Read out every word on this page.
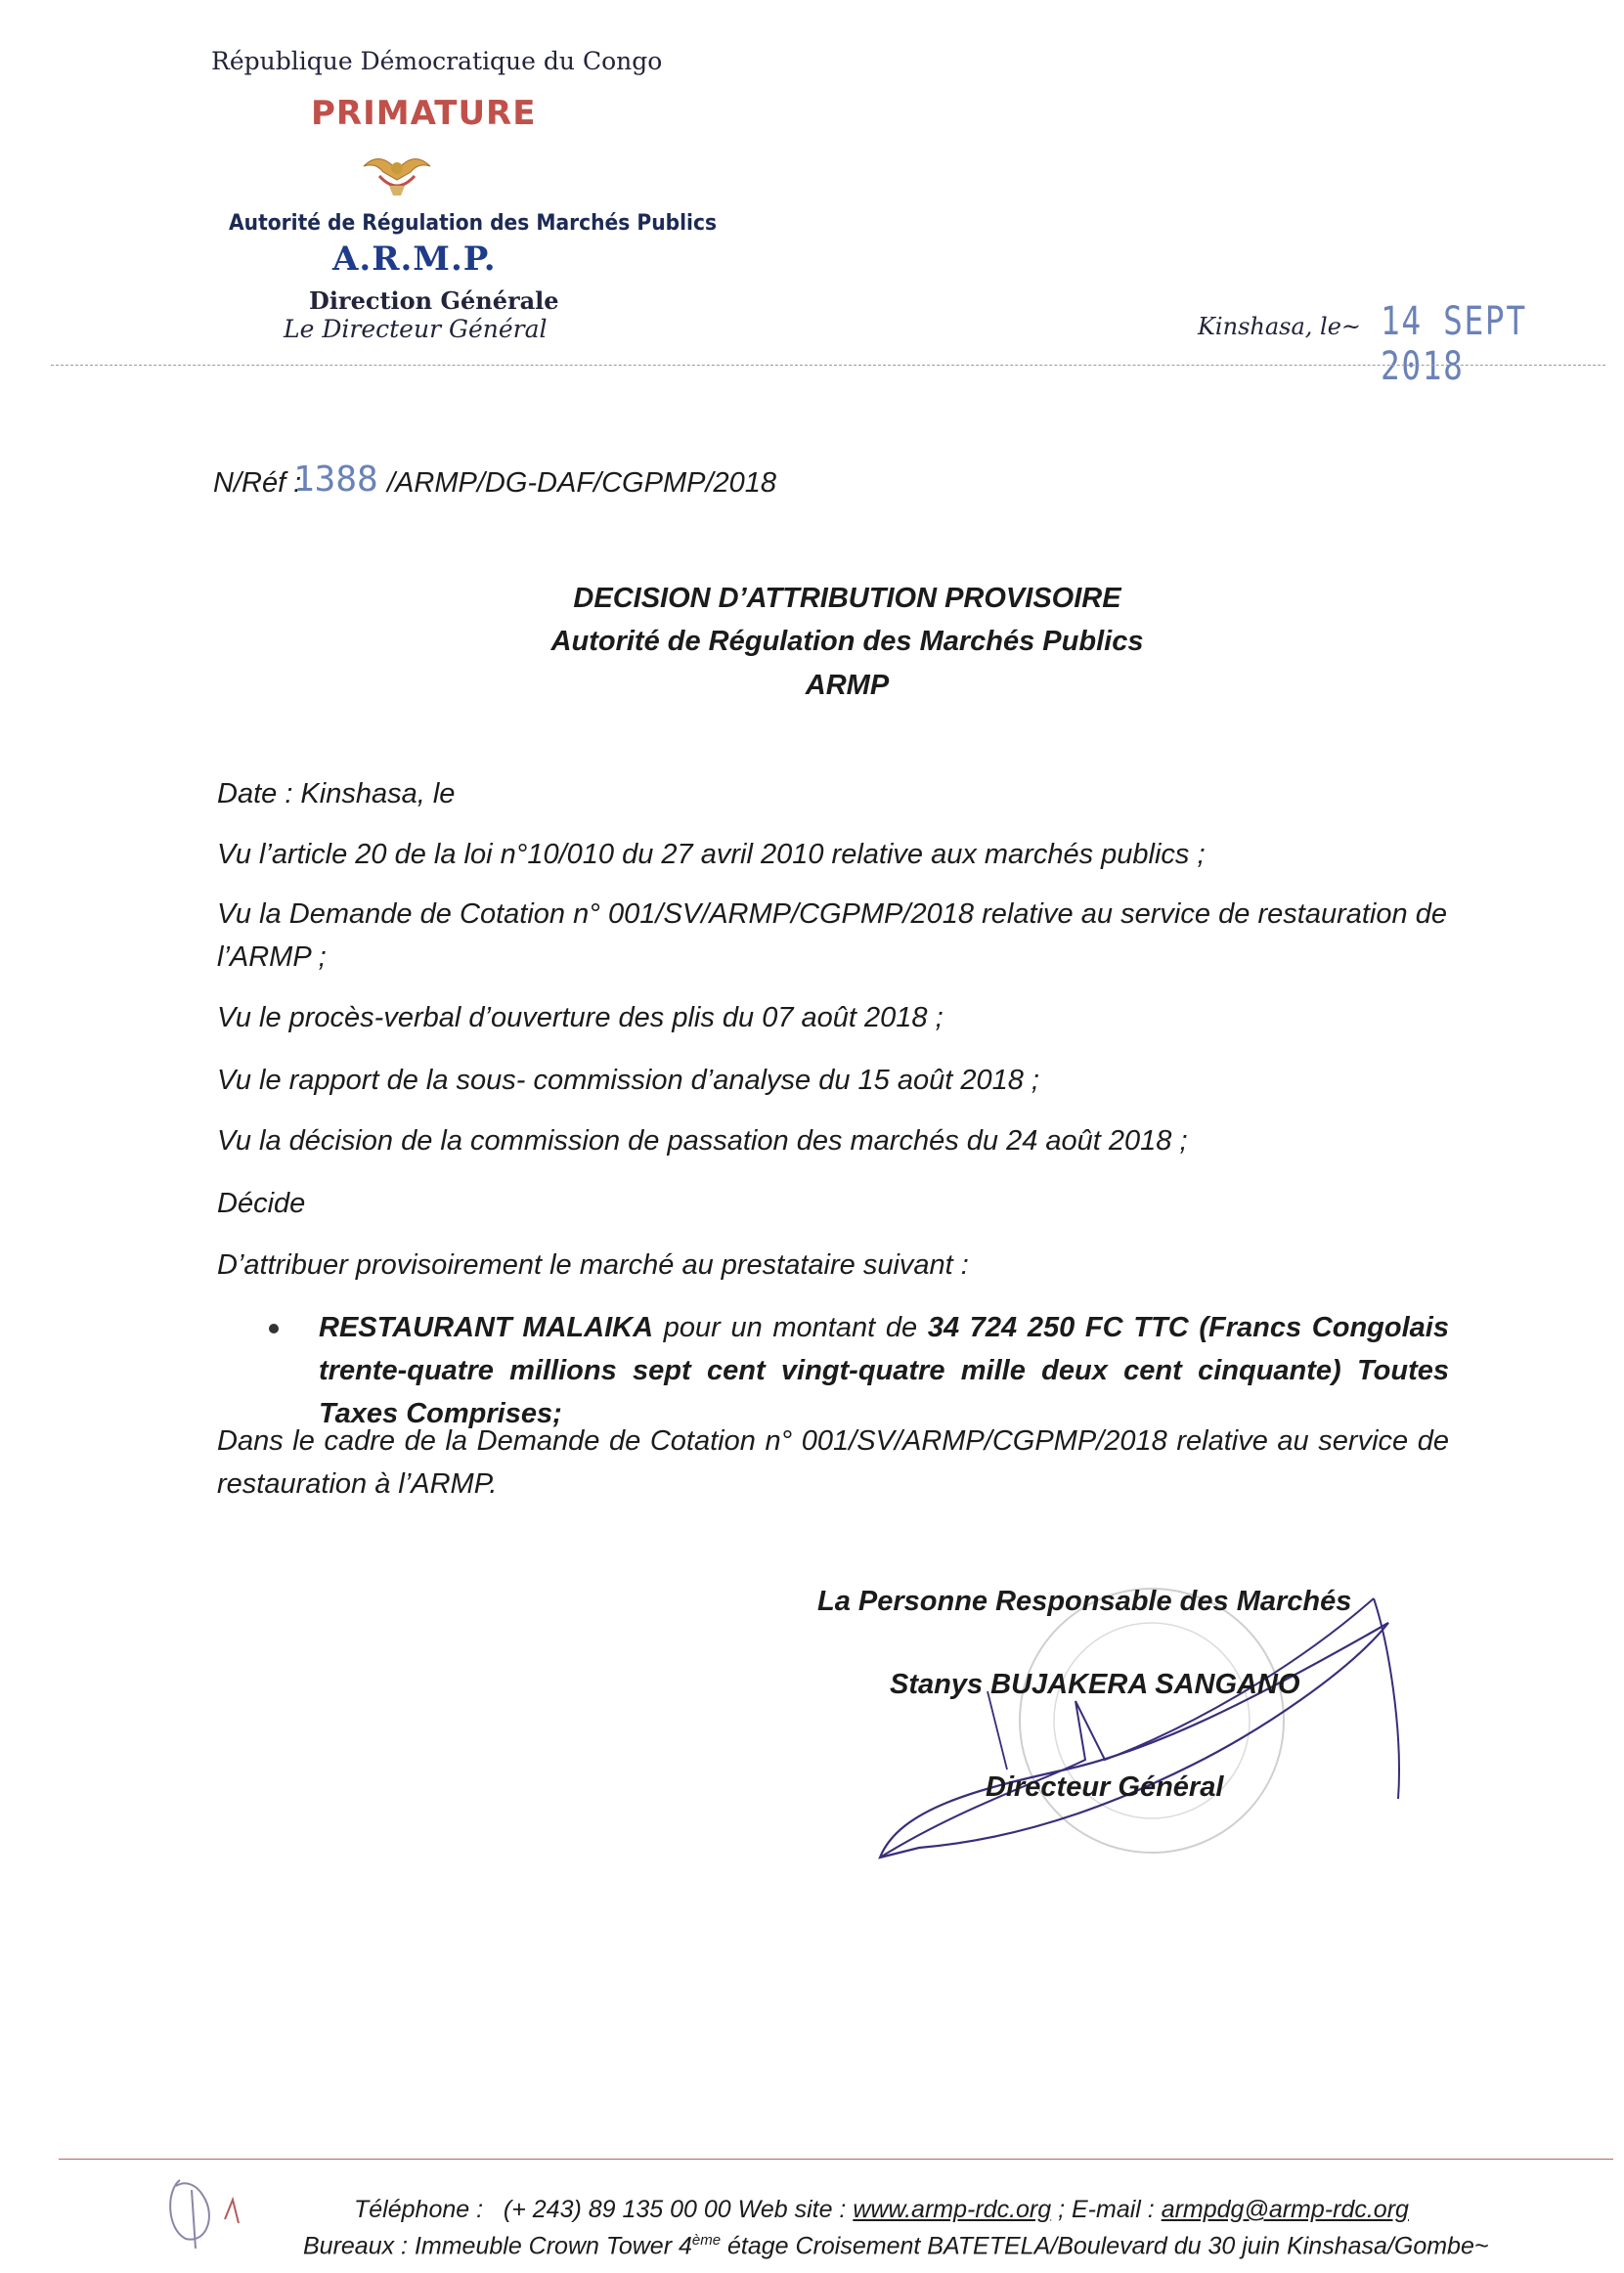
République Démocratique du Congo
PRIMATURE
Autorité de Régulation des Marchés Publics
A.R.M.P.
Direction Générale
Le Directeur Général	Kinshasa, le~ 14 SEPT 2018
N/Réf :
1388 /ARMP/DG-DAF/CGPMP/2018
DECISION D’ATTRIBUTION PROVISOIRE
Autorité de Régulation des Marchés Publics
ARMP
Date : Kinshasa, le
Vu l’article 20 de la loi n°10/010 du 27 avril 2010 relative aux marchés publics ;
Vu la Demande de Cotation n° 001/SV/ARMP/CGPMP/2018 relative au service de restauration de l’ARMP ;
Vu le procès-verbal d’ouverture des plis du 07 août 2018 ;
Vu le rapport de la sous- commission d’analyse du 15 août 2018 ;
Vu la décision de la commission de passation des marchés du 24 août 2018 ;
Décide
D’attribuer provisoirement le marché au prestataire suivant :
RESTAURANT MALAIKA pour un montant de 34 724 250 FC TTC (Francs Congolais trente-quatre millions sept cent vingt-quatre mille deux cent cinquante) Toutes Taxes Comprises;
Dans le cadre de la Demande de Cotation n° 001/SV/ARMP/CGPMP/2018 relative au service de restauration à l’ARMP.
La Personne Responsable des Marchés
Stanys BUJAKERA SANGANO
Directeur Général
Téléphone : (+ 243) 89 135 00 00 Web site : www.armp-rdc.org ; E-mail : armpdg@armp-rdc.org
Bureaux : Immeuble Crown Tower 4ème étage Croisement BATETELA/Boulevard du 30 juin Kinshasa/Gombe~
